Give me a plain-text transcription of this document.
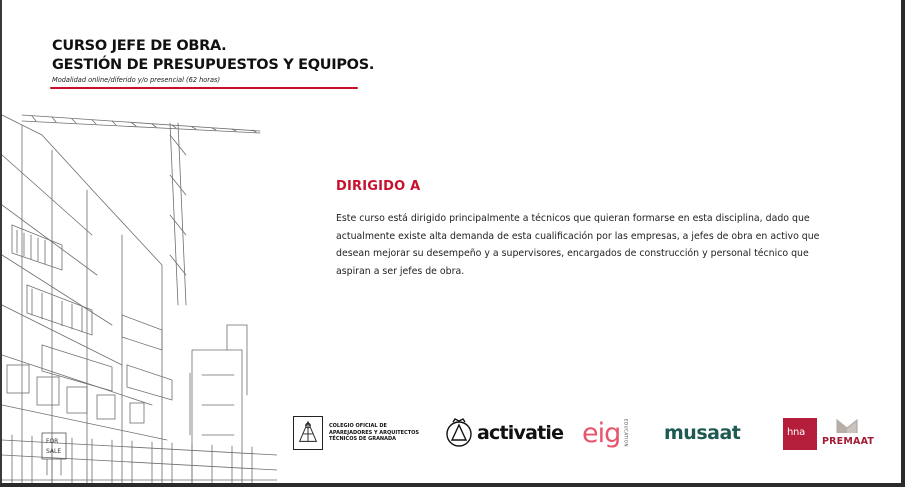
CURSO JEFE DE OBRA.
GESTIÓN DE PRESUPUESTOS Y EQUIPOS.
Modalidad online/diferido y/o presencial (62 horas)
FOR
SALE
DIRIGIDO A
Este curso está dirigido principalmente a técnicos que quieran formarse en esta disciplina, dado que actualmente existe alta demanda de esta cualificación por las empresas, a jefes de obra en activo que desean mejorar su desempeño y a supervisores, encargados de construcción y personal técnico que aspiran a ser jefes de obra.
COLEGIO OFICIAL DE
APAREJADORES Y ARQUITECTOS
TÉCNICOS DE GRANADA	activatie eig EDUCATION musaat	hna
PREMAAT
